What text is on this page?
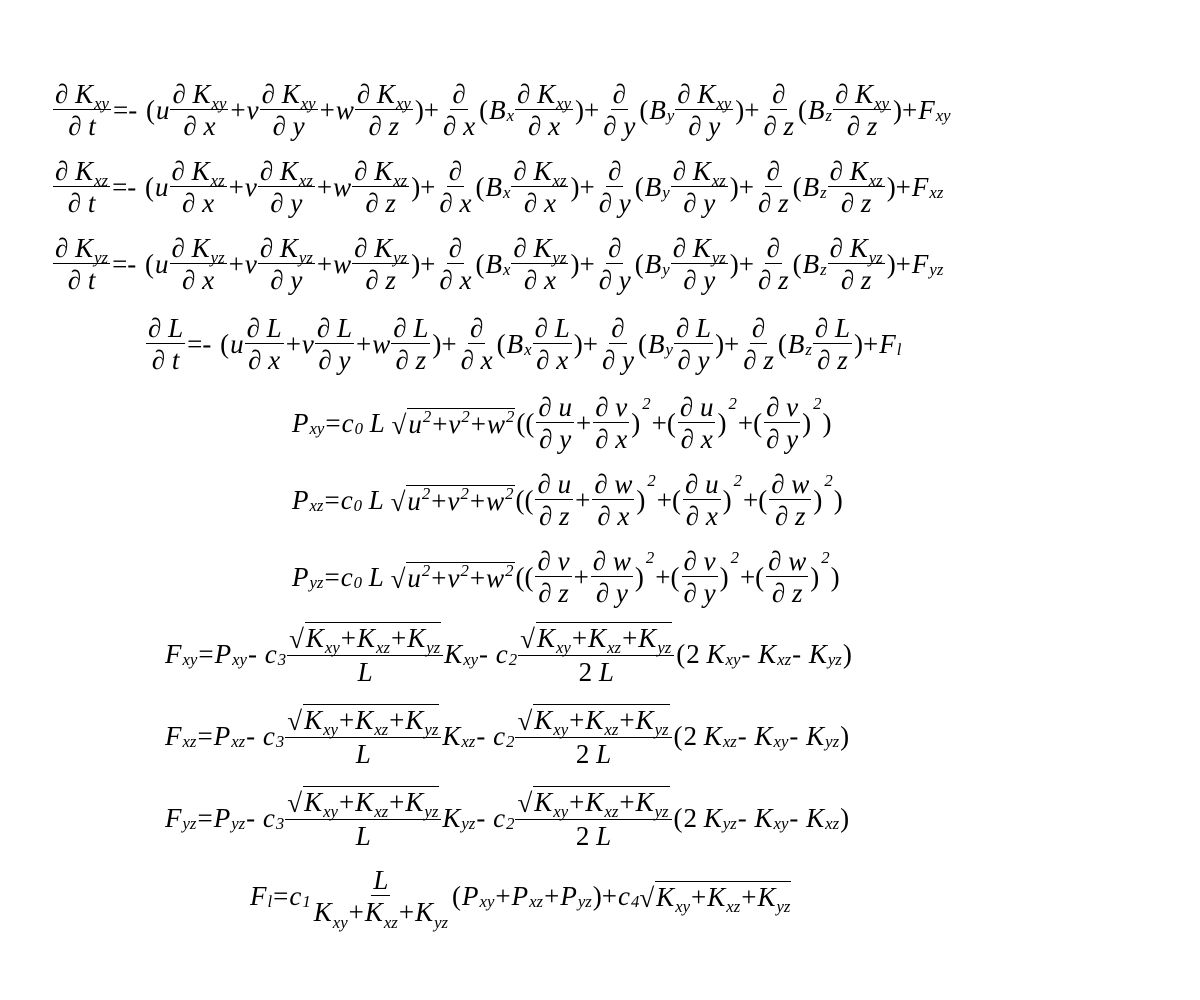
$\frac{\partial K_{xy}}{\partial t}$ =-
( u $\frac{\partial K_{xy}}{\partial x} + v \frac{\partial K_{xy}}{\partial y} + w \frac{\partial K_{xy}}{\partial z}$ )+ $\frac{\partial}{\partial x}$ ( B x $\frac{\partial K_{xy}}{\partial x}$ )+ $\frac{\partial}{\partial y}$ ( B y $\frac{\partial K_{xy}}{\partial y}$ )+ $\frac{\partial}{\partial z}$ ( B z $\frac{\partial K_{xy}}{\partial z}$ )+ F xy
$\frac{\partial K_{xz}}{\partial t}$ =-
( u $\frac{\partial K_{xz}}{\partial x} + v \frac{\partial K_{xz}}{\partial y} + w \frac{\partial K_{xz}}{\partial z}$ )+ $\frac{\partial}{\partial x}$ ( B x $\frac{\partial K_{xz}}{\partial x}$ )+ $\frac{\partial}{\partial y}$ ( B y $\frac{\partial K_{xz}}{\partial y}$ )+ $\frac{\partial}{\partial z}$ ( B z $\frac{\partial K_{xz}}{\partial z}$ )+ F xz
$\frac{\partial K_{yz}}{\partial t}$ =-
( u $\frac{\partial K_{yz}}{\partial x} + v \frac{\partial K_{yz}}{\partial y} + w \frac{\partial K_{yz}}{\partial z}$ )+ $\frac{\partial}{\partial x}$ ( B x $\frac{\partial K_{yz}}{\partial x}$ )+ $\frac{\partial}{\partial y}$ ( B y $\frac{\partial K_{yz}}{\partial y}$ )+ $\frac{\partial}{\partial z}$ ( B z $\frac{\partial K_{yz}}{\partial z}$ )+ F yz
$\frac{\partial L}{\partial t}$ =-
( u $\frac{\partial L}{\partial x} + v \frac{\partial L}{\partial y} + w \frac{\partial L}{\partial z}$ )+ $\frac{\partial}{\partial x}$ ( B x $\frac{\partial L}{\partial x}$ )+ $\frac{\partial}{\partial y}$ ( B y $\frac{\partial L}{\partial y}$ )+ $\frac{\partial}{\partial z}$ ( B z $\frac{\partial L}{\partial z}$ )+ F l
P xy = c 0 L √ $u^2+v^2+w^2$ (( $\frac{\partial u}{\partial y} + \frac{\partial v}{\partial x}$ )
2
+( $\frac{\partial u}{\partial x}$ )
2
+( $\frac{\partial v}{\partial y}$ )
2
)
P xz = c 0 L √ $u^2+v^2+w^2$ (( $\frac{\partial u}{\partial z} + \frac{\partial w}{\partial x}$ )
2
+( $\frac{\partial u}{\partial x}$ )
2
+( $\frac{\partial w}{\partial z}$ )
2
)
P yz = c 0 L √ $u^2+v^2+w^2$ (( $\frac{\partial v}{\partial z} + \frac{\partial w}{\partial y}$ )
2
+( $\frac{\partial v}{\partial y}$ )
2
+( $\frac{\partial w}{\partial z}$ )
2
)
F xy = P xy - c $3 \frac{√ K_{xy}+K_{xz}+K_{yz}}{L}$ K xy - c $2 \frac{√ K_{xy}+K_{xz}+K_{yz}}{2 L}$ ( 2 K xy - K xz - K yz )
F xz = P xz - c $3 \frac{√ K_{xy}+K_{xz}+K_{yz}}{L}$ K xz - c $2 \frac{√ K_{xy}+K_{xz}+K_{yz}}{2 L}$ ( 2 K xz - K xy - K yz )
F yz = P yz - c $3 \frac{√ K_{xy}+K_{xz}+K_{yz}}{L}$ K yz - c $2 \frac{√ K_{xy}+K_{xz}+K_{yz}}{2 L}$ ( 2 K yz - K xy - K xz )
F l = c $1 \frac{L}{K_{xy}+K_{xz}+K_{yz}}$ ( P xy + P xz + P yz )+ c 4 √ $K_{xy}+K_{xz}+K_{yz}$
